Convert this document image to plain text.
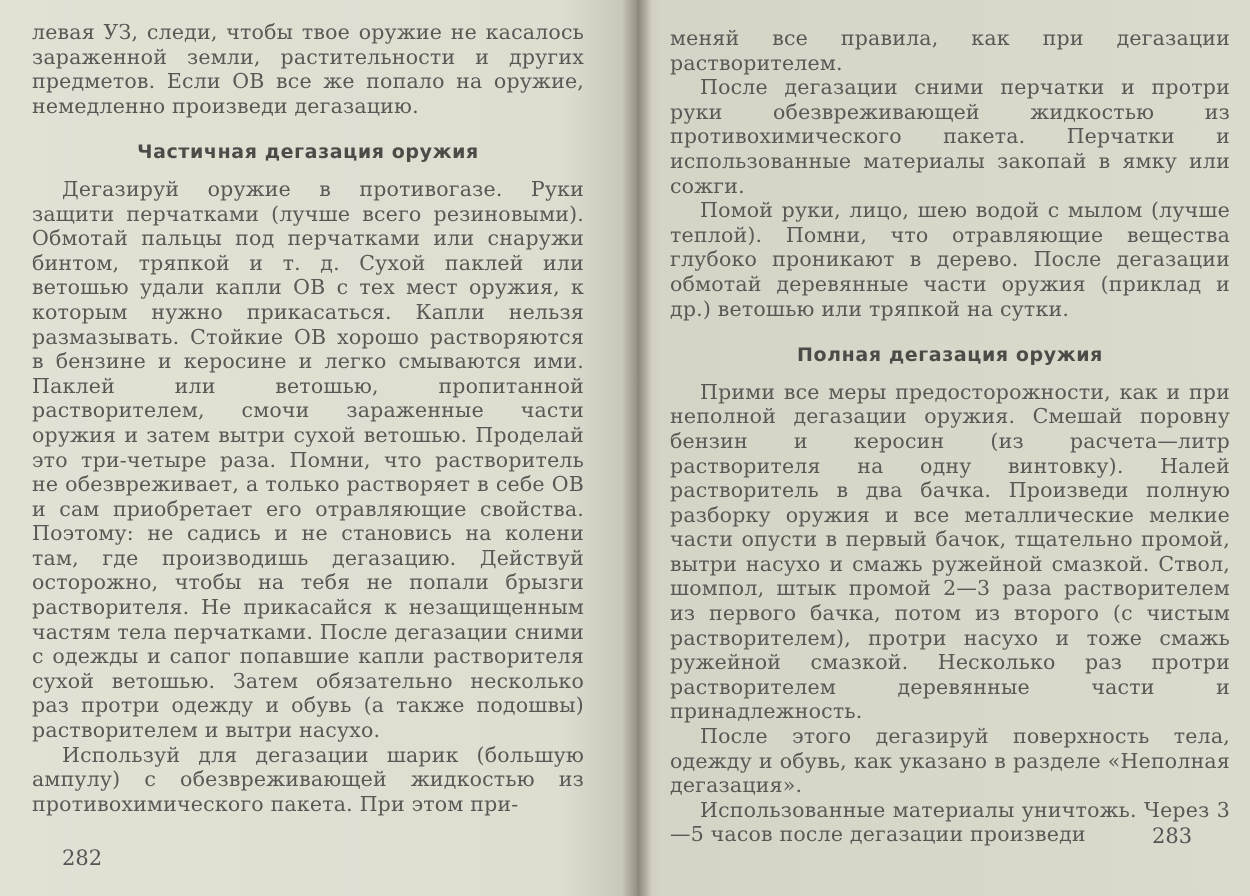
левая УЗ, следи, чтобы твое оружие не касалось зараженной земли, растительности и других предметов. Если ОВ все же попало на оружие, немедленно произведи дегазацию.

Частичная дегазация оружия

Дегазируй оружие в противогазе. Руки защити перчатками (лучше всего резиновыми). Обмотай пальцы под перчатками или снаружи бинтом, тряпкой и т. д. Сухой паклей или ветошью удали капли ОВ с тех мест оружия, к которым нужно прикасаться. Капли нельзя размазывать. Стойкие ОВ хорошо растворяются в бензине и керосине и легко смываются ими. Паклей или ветошью, пропитанной растворителем, смочи зараженные части оружия и затем вытри сухой ветошью. Проделай это три-четыре раза. Помни, что растворитель не обезвреживает, а только растворяет в себе ОВ и сам приобретает его отравляющие свойства. Поэтому: не садись и не становись на колени там, где производишь дегазацию. Действуй осторожно, чтобы на тебя не попали брызги растворителя. Не прикасайся к незащищенным частям тела перчатками. После дегазации сними с одежды и сапог попавшие капли растворителя сухой ветошью. Затем обязательно несколько раз протри одежду и обувь (а также подошвы) растворителем и вытри насухо.

Используй для дегазации шарик (большую ампулу) с обезвреживающей жидкостью из противохимического пакета. При этом при-

282

меняй все правила, как при дегазации растворителем.

После дегазации сними перчатки и протри руки обезвреживающей жидкостью из противохимического пакета. Перчатки и использованные материалы закопай в ямку или сожги.

Помой руки, лицо, шею водой с мылом (лучше теплой). Помни, что отравляющие вещества глубоко проникают в дерево. После дегазации обмотай деревянные части оружия (приклад и др.) ветошью или тряпкой на сутки.

Полная дегазация оружия

Прими все меры предосторожности, как и при неполной дегазации оружия. Смешай поровну бензин и керосин (из расчета—литр растворителя на одну винтовку). Налей растворитель в два бачка. Произведи полную разборку оружия и все металлические мелкие части опусти в первый бачок, тщательно промой, вытри насухо и смажь ружейной смазкой. Ствол, шомпол, штык промой 2—3 раза растворителем из первого бачка, потом из второго (с чистым растворителем), протри насухо и тоже смажь ружейной смазкой. Несколько раз протри растворителем деревянные части и принадлежность.

После этого дегазируй поверхность тела, одежду и обувь, как указано в разделе «Неполная дегазация».

Использованные материалы уничтожь. Через 3—5 часов после дегазации произведи	283
